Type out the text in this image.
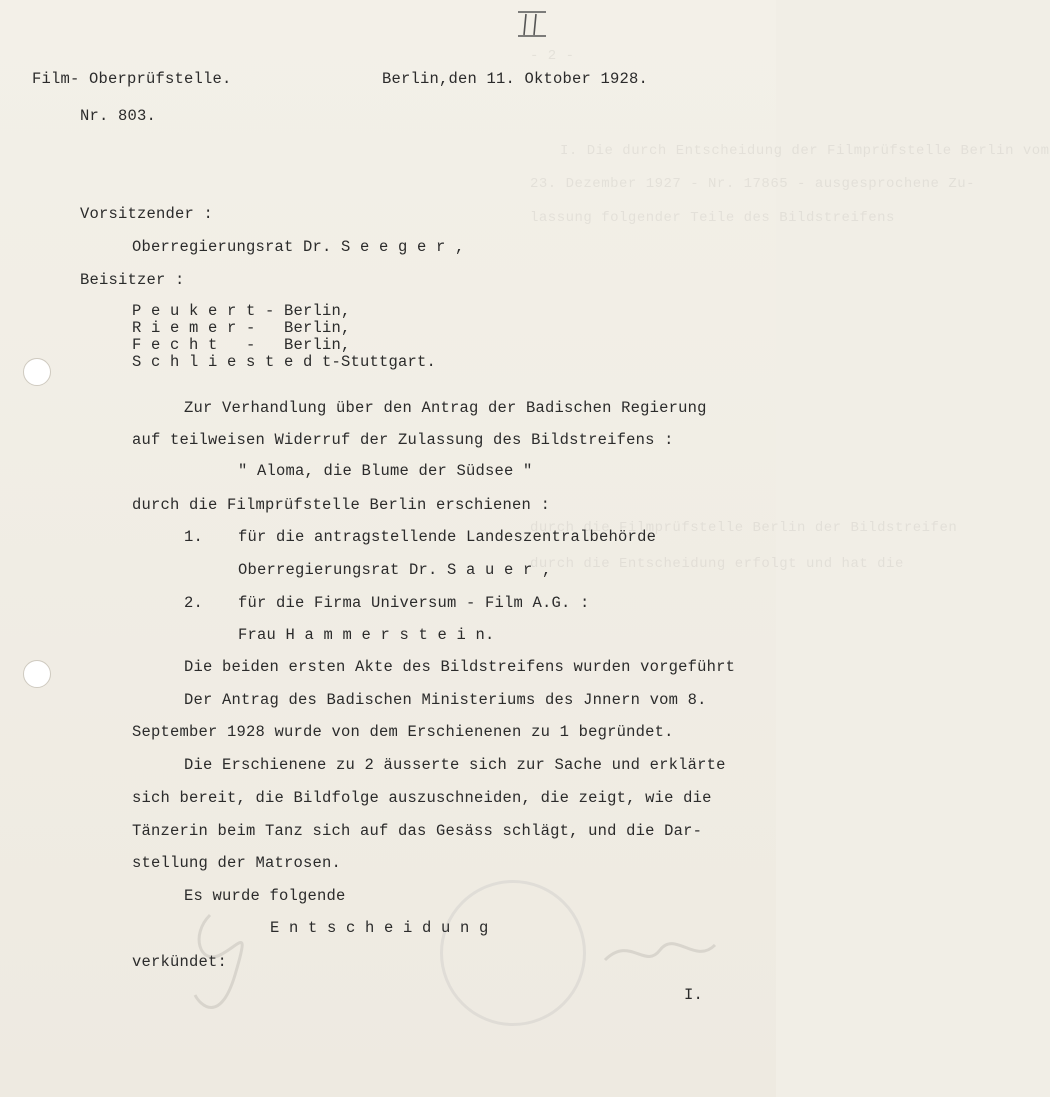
- 2 -
I. Die durch Entscheidung der Filmprüfstelle Berlin vom
23. Dezember 1927 - Nr. 17865 - ausgesprochene Zu-
lassung folgender Teile des Bildstreifens
durch die Filmprüfstelle Berlin der Bildstreifen
durch die Entscheidung erfolgt und hat die
Film- Oberprüfstelle.	Berlin,den 11. Oktober 1928.
Nr. 803.
Vorsitzender :
Oberregierungsrat Dr. S e e g e r ,
Beisitzer :
P e u k e r t - Berlin,
R i e m e r -   Berlin,
F e c h t   -   Berlin,
S c h l i e s t e d t-Stuttgart.
Zur Verhandlung über den Antrag der Badischen Regierung
auf teilweisen Widerruf der Zulassung des Bildstreifens :
" Aloma, die Blume der Südsee "
durch die Filmprüfstelle Berlin erschienen :
1. für die antragstellende Landeszentralbehörde
Oberregierungsrat Dr. S a u e r ,
2. für die Firma Universum - Film A.G. :
Frau H a m m e r s t e i n.
Die beiden ersten Akte des Bildstreifens wurden vorgeführt
Der Antrag des Badischen Ministeriums des Jnnern vom 8.
September 1928 wurde von dem Erschienenen zu 1 begründet.
Die Erschienene zu 2 äusserte sich zur Sache und erklärte
sich bereit, die Bildfolge auszuschneiden, die zeigt, wie die
Tänzerin beim Tanz sich auf das Gesäss schlägt, und die Dar-
stellung der Matrosen.
Es wurde folgende
E n t s c h e i d u n g
verkündet:
I.
